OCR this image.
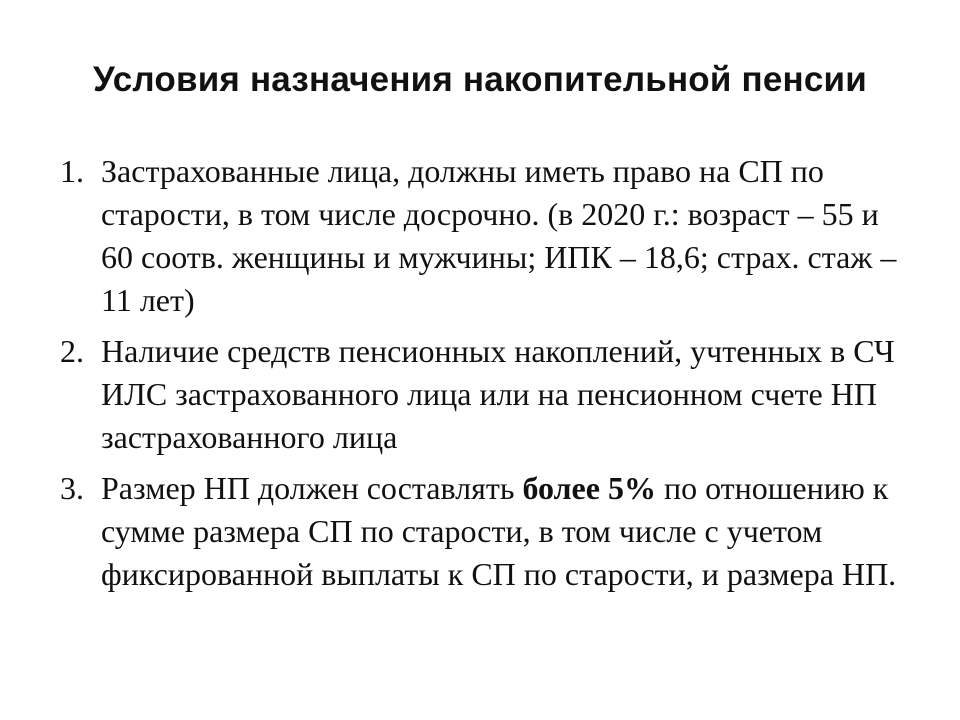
Условия назначения накопительной пенсии
1. Застрахованные лица, должны иметь право на СП по старости, в том числе досрочно. (в 2020 г.: возраст – 55 и 60 соотв. женщины и мужчины; ИПК – 18,6; страх. стаж – 11 лет)
2. Наличие средств пенсионных накоплений, учтенных в СЧ ИЛС застрахованного лица или на пенсионном счете НП застрахованного лица
3. Размер НП должен составлять более 5% по отношению к сумме размера СП по старости, в том числе с учетом фиксированной выплаты к СП по старости, и размера НП.
